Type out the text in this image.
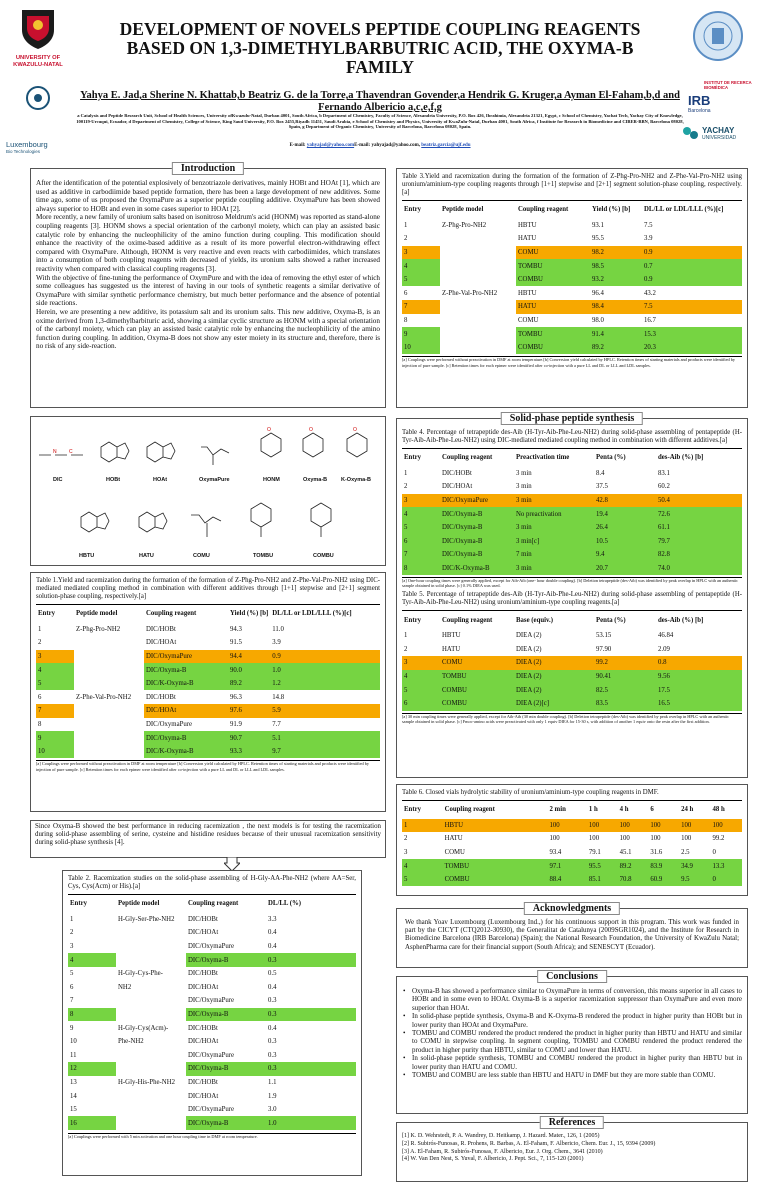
UNIVERSITY OF KWAZULU-NATAL
Luxembourg
Bio Technologies
DEVELOPMENT OF NOVELS PEPTIDE COUPLING REAGENTS BASED ON 1,3-DIMETHYLBARBUTRIC ACID, THE OXYMA-B FAMILY
Yahya E. Jad,a Sherine N. Khattab,b Beatriz G. de la Torre,a Thavendran Govender,a Hendrik G. Kruger,a Ayman El-Faham,b,d and Fernando Albericio a,c,e,f,g
a Catalysis and Peptide Research Unit, School of Health Sciences, University ofKwazulu-Natal, Durban 4001, South Africa, b Department of Chemistry, Faculty of Science, Alexandria University, P.O. Box 426, Ibrahimia, Alexandria 21321, Egypt, c School of Chemistry, Yachat Tech, Yachay City of Knowledge, 100119-Urcuqui, Ecuador, d Department of Chemistry, College of Science, King Saud University, P.O. Box 2455,Riyadh 11451, Saudi Arabia, e School of Chemistry and Physics, University of KwaZulu-Natal, Durban 4001, South Africa, f Institute for Research in Biomedicine and CIBER-BBN, Barcelona 08028, Spain, g Department of Organic Chemistry, University of Barcelona, Barcelona 08028, Spain.
E-mail: yahyajad@yahoo.comE-mail: yahyajad@yahoo.com, beatriz.garcia@ujf.edu
INSTITUT DE RECERCA BIOMÈDICA
IRB
Barcelona
YACHAY
UNIVERSIDAD
Introduction

After the identification of the potential explosively of benzotriazole derivatives, mainly HOBt and HOAt [1], which are used as additive in carbodiimide based peptide formation, there has been a large development of new additives. Some time ago, some of us proposed the OxymaPure as a superior peptide coupling additive. OxymaPure has been showed always superior to HOBt and even in some cases superior to HOAt [2].

More recently, a new family of uronium salts based on isonitroso Meldrum's acid (HONM) was reported as stand-alone coupling reagents [3]. HONM shows a special orientation of the carbonyl moiety, which can play an assisted basic catalytic role by enhancing the nucleophilicity of the amino function during coupling. This modification should enhance the reactivity of the oxime-based additive as a result of its more powerful electron-withdrawing effect compared with OxymaPure. Although, HONM is very reactive and even reacts with carbodiimides, which translates into a consumption of both coupling reagents with decreased of yields, its uronium salts showed a rather increased reactivity when compared with classical coupling reagents [3].

With the objective of fine-tuning the performance of OxymPure and with the idea of removing the ethyl ester of which some colleagues has suggested us the interest of having in our tools of synthetic reagents a similar derivative of OxymaPure with similar synthetic performance chemistry, but much better performance and the absence of potential side reactions.

Herein, we are presenting a new additive, its potassium salt and its uronium salts. This new additive, Oxyma-B, is an oxime derived from 1,3-dimethylbarbituric acid, showing a similar cyclic structure as HONM with a special orientation of the carbonyl moiety, which can play an assisted basic catalytic role by enhancing the nucleophilicity of the amino function during coupling. In addition, Oxyma-B does not show any ester moiety in its structure and, therefore, there is no risk of any side-reaction.

N C
O	O	O
DIC	HOBt	HOAt	OxymaPure	HONM	Oxyma-B	K-Oxyma-B
HBTU	HATU	COMU	TOMBU	COMBU
Table 1.Yield and racemization during the formation of the formation of Z-Phg-Pro-NH2 and Z-Phe-Val-Pro-NH2 using DIC-mediated mediated coupling method in combination with different additives through [1+1] stepwise and [2+1] segment solution-phase coupling, respectively.[a]
Entry	Peptide model	Coupling reagent	Yield (%) [b]	DL/LL or LDL/LLL (%)[c]
1	Z-Phg-Pro-NH2	DIC/HOBt	94.3	11.0
2		DIC/HOAt	91.5	3.9
3		DIC/OxymaPure	94.4	0.9
4		DIC/Oxyma-B	90.0	1.0
5		DIC/K-Oxyma-B	89.2	1.2
6	Z-Phe-Val-Pro-NH2	DIC/HOBt	96.3	14.8
7		DIC/HOAt	97.6	5.9
8		DIC/OxymaPure	91.9	7.7
9		DIC/Oxyma-B	90.7	5.1
10		DIC/K-Oxyma-B	93.3	9.7
[a] Couplings were performed without preactivation in DMF at room temperature [b] Conversion yield calculated by HPLC. Retention times of starting materials and products were identified by injection of pure sample. [c] Retention times for each epimer were identified after co-injection with a pure LL and DL or LLL and LDL samples.
Since Oxyma-B showed the best performance in reducing racemization , the next models is for testing the racemization during solid-phase assembling of serine, cysteine and histidine residues because of their unusual racemization sensitivity during solid-phase synthesis [4].
Table 2. Racemization studies on the solid-phase assembling of H-Gly-AA-Phe-NH2 (where AA=Ser, Cys, Cys(Acm) or His).[a]
Entry	Peptide model	Coupling reagent	DL/LL (%)
1	H-Gly-Ser-Phe-NH2	DIC/HOBt	3.3
2		DIC/HOAt	0.4
3		DIC/OxymaPure	0.4
4		DIC/Oxyma-B	0.3
5	H-Gly-Cys-Phe-	DIC/HOBt	0.5
6	NH2	DIC/HOAt	0.4
7		DIC/OxymaPure	0.3
8		DIC/Oxyma-B	0.3
9	H-Gly-Cys(Acm)-	DIC/HOBt	0.4
10	Phe-NH2	DIC/HOAt	0.3
11		DIC/OxymaPure	0.3
12		DIC/Oxyma-B	0.3
13	H-Gly-His-Phe-NH2	DIC/HOBt	1.1
14		DIC/HOAt	1.9
15		DIC/OxymaPure	3.0
16		DIC/Oxyma-B	1.0
[a] Couplings were performed with 5 min activation and one hour coupling time in DMF at room temperature.
Table 3.Yield and racemization during the formation of the formation of Z-Phg-Pro-NH2 and Z-Phe-Val-Pro-NH2 using uronium/aminium-type coupling reagents through [1+1] stepwise and [2+1] segment solution-phase coupling, respectively.[a]
Entry	Peptide model	Coupling reagent	Yield (%) [b]	DL/LL or LDL/LLL (%)[c]
1	Z-Phg-Pro-NH2	HBTU	93.1	7.5
2		HATU	95.5	3.9
3		COMU	98.2	0.9
4		TOMBU	98.5	0.7
5		COMBU	93.2	0.9
6	Z-Phe-Val-Pro-NH2	HBTU	96.4	43.2
7		HATU	98.4	7.5
8		COMU	98.0	16.7
9		TOMBU	91.4	15.3
10		COMBU	89.2	20.3
[a] Couplings were performed without preactivation in DMF at room temperature.[b] Conversion yield calculated by HPLC. Retention times of starting materials and products were identified by injection of pure sample. [c] Retention times for each epimer were identified after co-injection with a pure LL and DL or LLL and LDL samples.
Solid-phase peptide synthesis
Table 4. Percentage of tetrapeptide des-Aib (H-Tyr-Aib-Phe-Leu-NH2) during solid-phase assembling of pentapeptide (H-Tyr-Aib-Aib-Phe-Leu-NH2) using DIC-mediated mediated coupling method in combination with different additives.[a]
Entry	Coupling reagent	Preactivation time	Penta (%)	des-Aib (%) [b]
1	DIC/HOBt	3 min	8.4	83.1
2	DIC/HOAt	3 min	37.5	60.2
3	DIC/OxymaPure	3 min	42.8	50.4
4	DIC/Oxyma-B	No preactivation	19.4	72.6
5	DIC/Oxyma-B	3 min	26.4	61.1
6	DIC/Oxyma-B	3 min[c]	10.5	79.7
7	DIC/Oxyma-B	7 min	9.4	82.8
8	DIC/K-Oxyma-B	3 min	20.7	74.0
[a] One-hour coupling times were generally applied, except for Aib-Aib (one- hour double coupling). [b] Deletion tetrapeptide (des-Aib) was identified by peak overlap in HPLC with an authentic sample obtained in solid phase. [c] 0.1% DIEA was used.
Table 5. Percentage of tetrapeptide des-Aib (H-Tyr-Aib-Phe-Leu-NH2) during solid-phase assembling of pentapeptide (H-Tyr-Aib-Aib-Phe-Leu-NH2) using uronium/aminium-type coupling reagents.[a]
Entry	Coupling reagent	Base (equiv.)	Penta (%)	des-Aib (%) [b]
1	HBTU	DIEA (2)	53.15	46.84
2	HATU	DIEA (2)	97.90	2.09
3	COMU	DIEA (2)	99.2	0.8
4	TOMBU	DIEA (2)	90.41	9.56
5	COMBU	DIEA (2)	82.5	17.5
6	COMBU	DIEA (2)[c]	83.5	16.5
[a] 30 min coupling times were generally applied, except for Aib-Aib (30 min double coupling). [b] Deletion tetrapeptide (des-Aib) was identified by peak overlap in HPLC with an authentic sample obtained in solid phase. [c] Fmoc-amino acids were preactivated with only 1 equiv DIEA for 15-30 s, with addition of another 1 equiv onto the resin after the first addition.
Table 6. Closed vials hydrolytic stability of uronium/aminium-type coupling reagents in DMF.
Entry	Coupling reagent	2 min	1 h	4 h	6	24 h	48 h
1	HBTU	100	100	100	100	100	100
2	HATU	100	100	100	100	100	99.2
3	COMU	93.4	79.1	45.1	31.6	2.5	0
4	TOMBU	97.1	95.5	89.2	83.9	34.9	13.3
5	COMBU	88.4	85.1	70.8	60.9	9.5	0
Acknowledgments
We thank Yoav Luxembourg (Luxembourg Ind.,) for his continuous support in this program. This work was funded in part by the CICYT (CTQ2012-30930), the Generalitat de Catalunya (2009SGR1024), and the Institute for Research in Biomedicine Barcelona (IRB Barcelona) (Spain); the National Research Foundation, the University of KwaZulu Natal; AsphenPharma care for their financial support (South Africa); and SENESCYT (Ecuador).
Conclusions
• Oxyma-B has showed a performance similar to OxymaPure in terms of conversion, this means superior in all cases to HOBt and in some even to HOAt. Oxyma-B is a superior racemization suppressor than OxymaPure and even more superior than HOAt.
• In solid-phase peptide synthesis, Oxyma-B and K-Oxyma-B rendered the product in higher purity than HOBt but in lower purity than HOAt and OxymaPure.
• TOMBU and COMBU rendered the product rendered the product in higher purity than HBTU and HATU and similar to COMU in stepwise coupling. In segment coupling, TOMBU and COMBU rendered the product rendered the product in higher purity than HBTU, similar to COMU and lower than HATU.
• In solid-phase peptide synthesis, TOMBU and COMBU rendered the product in higher purity than HBTU but in lower purity than HATU and COMU.
• TOMBU and COMBU are less stable than HBTU and HATU in DMF but they are more stable than COMU.
References
[1] K. D. Wehrstedt, P. A. Wandrey, D. Heitkamp, J. Hazard. Mater., 126, 1 (2005)
[2] R. Subirós-Funosas, R. Prohens, R. Barbas, A. El-Faham, F. Albericio, Chem. Eur. J., 15, 9394 (2009)
[3] A. El-Faham, R. Subirós-Funosas, F. Albericio, Eur. J. Org. Chem., 3641 (2010)
[4] W. Van Den Nest, S. Yuval, F. Albericio, J. Pept. Sci., 7, 115-120 (2001)
